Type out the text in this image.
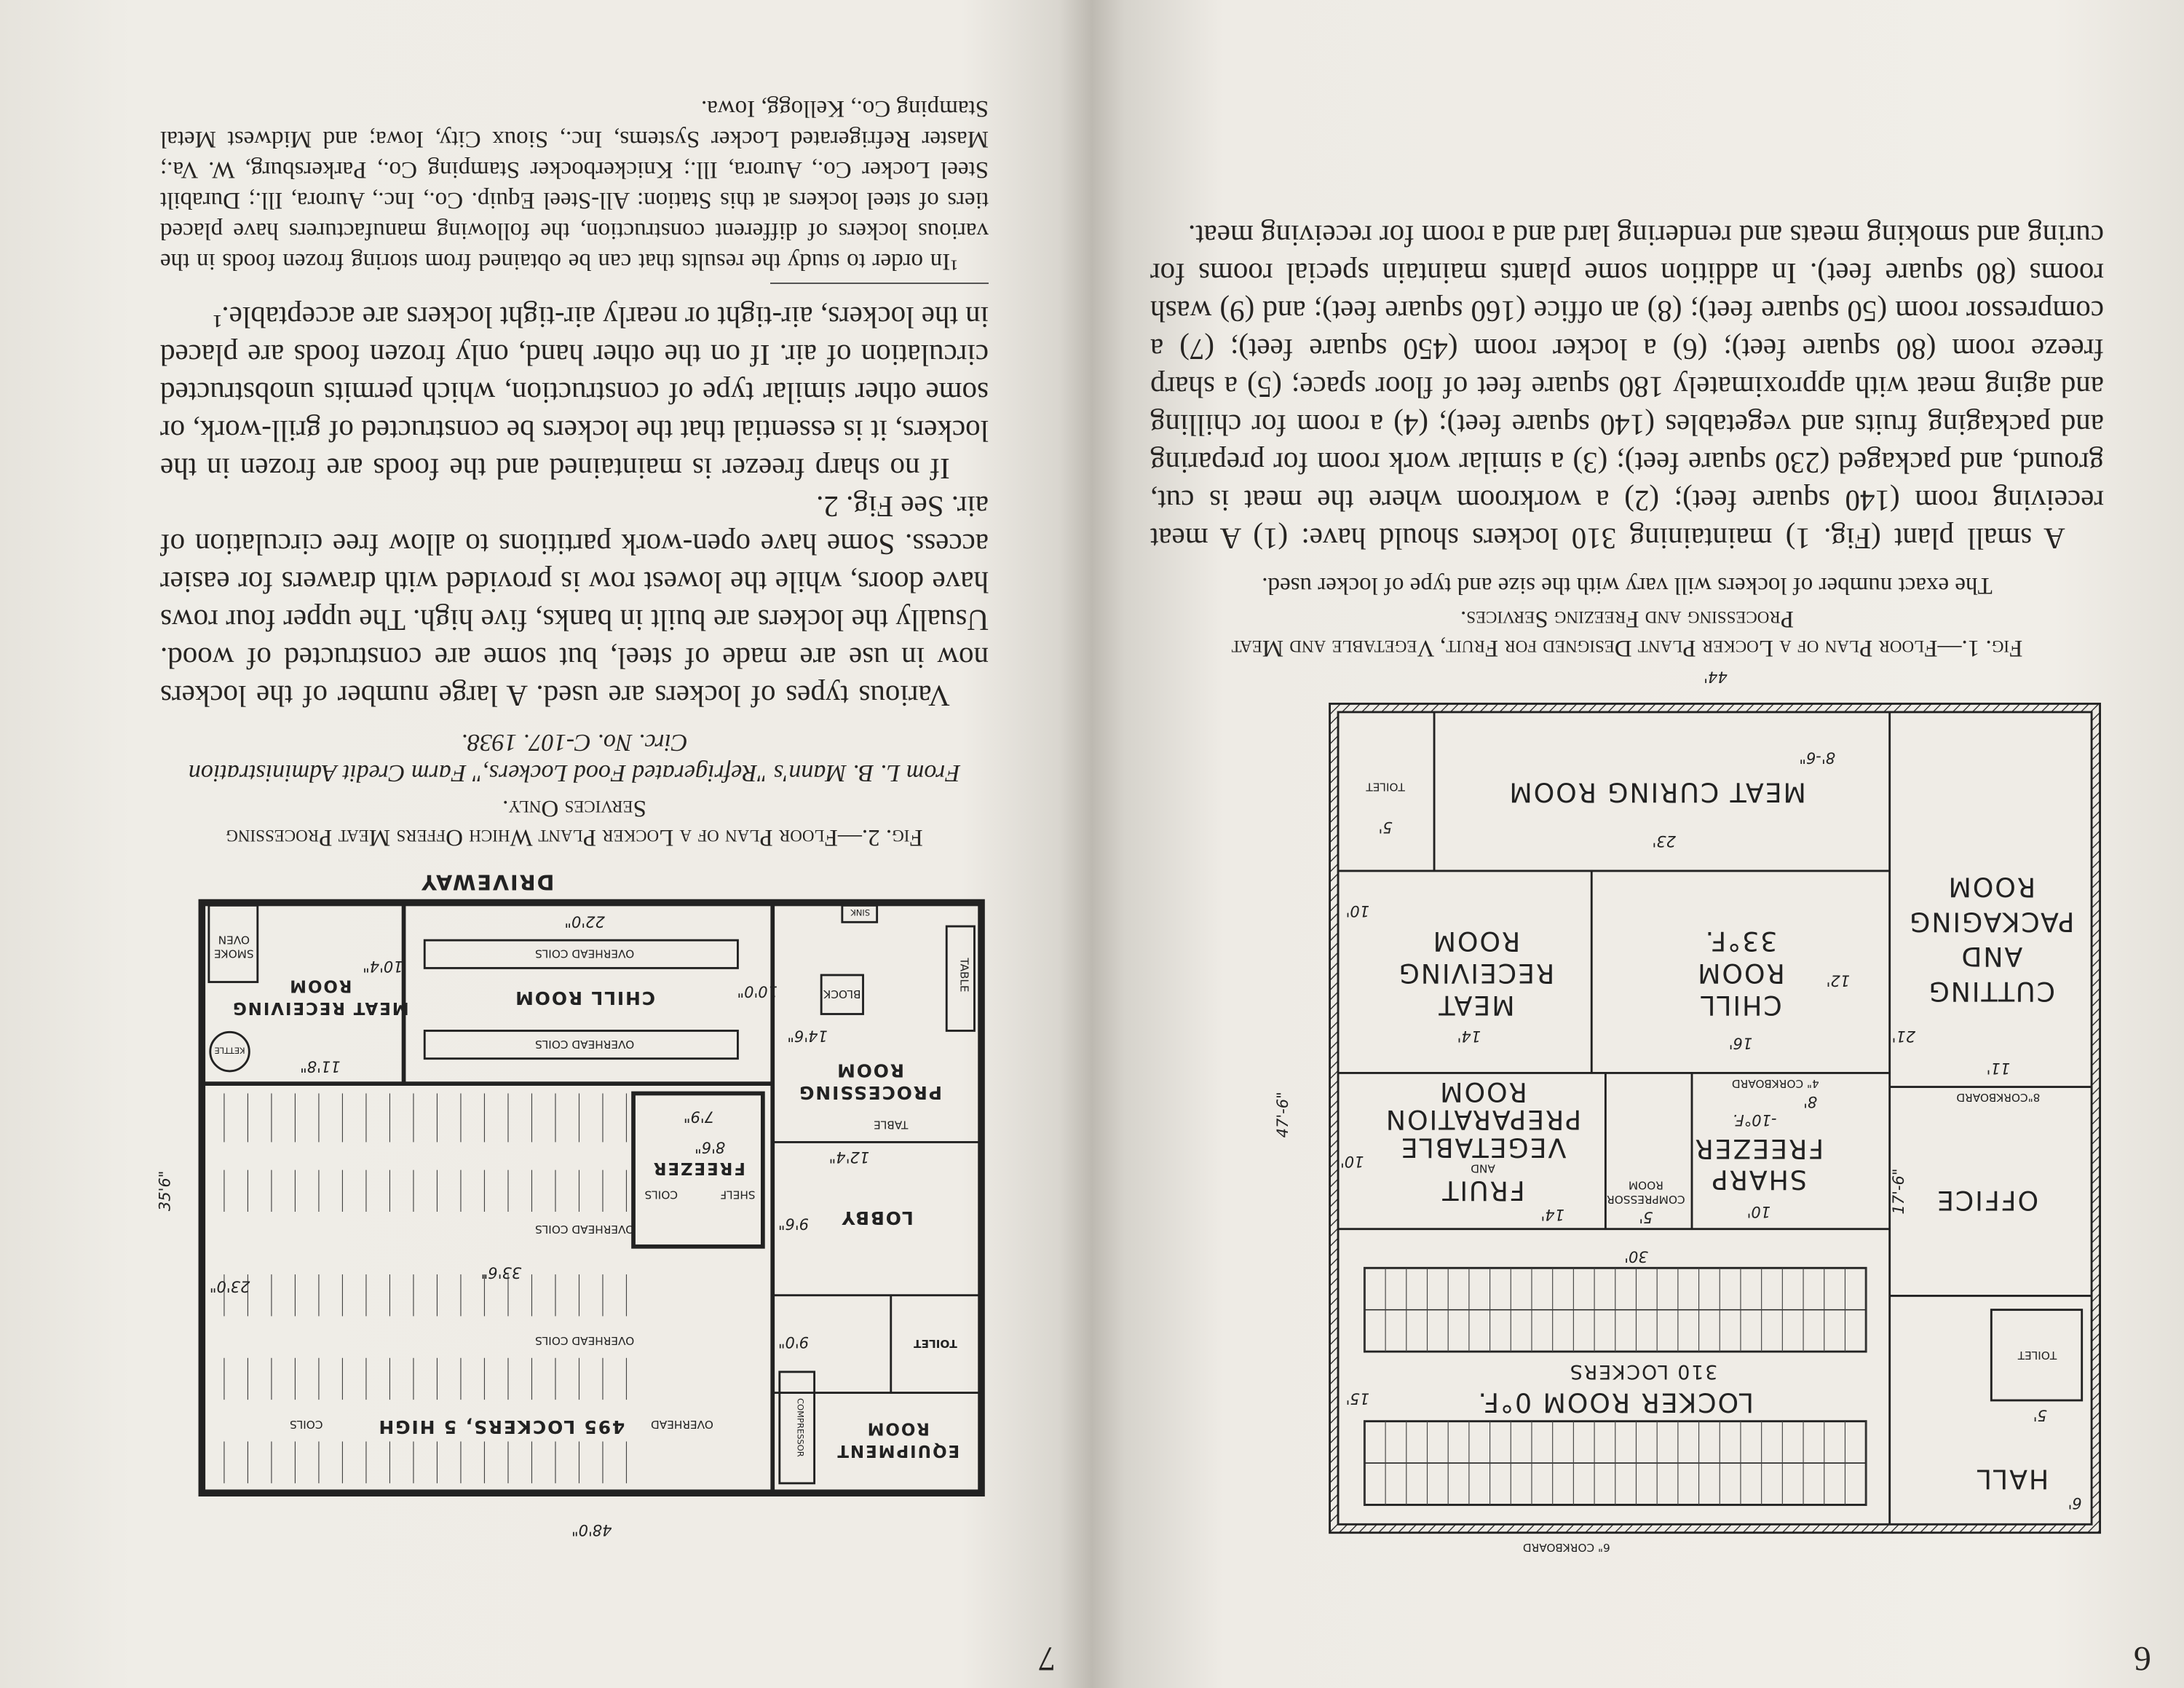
6
Fig. 1.—Floor Plan of a Locker Plant Designed for Fruit, Vegetable and Meat Processing and Freezing Services.
The exact number of lockers will vary with the size and type of locker used.

A small plant (Fig. 1) maintaining 310 lockers should have: (1) A meat receiving room (140 square feet); (2) a workroom where the meat is cut, ground, and packaged (230 square feet); (3) a similar work room for preparing and packaging fruits and vegetables (140 square feet); (4) a room for chilling and aging meat with approximately 180 square feet of floor space; (5) a sharp freeze room (80 square feet); (6) a locker room (450 square feet); (7) a compressor room (50 square feet); (8) an office (160 square feet); and (9) wash rooms (80 square feet). In addition some plants maintain special rooms for curing and smoking meats and rendering lard and a room for receiving meat.

MEAT CURING ROOM
TOILET
CUTTING
AND
PACKAGING
ROOM
CHILL
ROOM
33°F.
MEAT
RECEIVING
ROOM
FRUIT
AND
VEGETABLE
PREPARATION
ROOM
COMPRESSOR
ROOM	SHARP
FREEZER
-10°F.
OFFICE
310 LOCKERS
LOCKER ROOM 0°F.
HALL
TOILET
4" CORKBOARD
8"CORKBOARD
6" CORKBOARD
44'
47'-6"
23'
8'-6"
5'
12'
14'	16'
10'
10'
14'	5'	10'
8'
17'-6"
11'
30'
15'
6'
5'
21'
7
Fig. 2.—Floor Plan of a Locker Plant Which Offers Meat Processing Services Only.
From L. B. Mann's "Refrigerated Food Lockers," Farm Credit Administration Circ. No. C-107. 1938.

Various types of lockers are used. A large number of the lockers now in use are made of steel, but some are constructed of wood. Usually the lockers are built in banks, five high. The upper four rows have doors, while the lowest row is provided with drawers for easier access. Some have open-work partitions to allow free circulation of air. See Fig. 2.

If no sharp freezer is maintained and the foods are frozen in the lockers, it is essential that the lockers be constructed of grill-work, or some other similar type of construction, which permits unobstructed circulation of air. If on the other hand, only frozen foods are placed in the lockers, air-tight or nearly air-tight lockers are acceptable.¹

¹In order to study the results that can be obtained from storing frozen foods in the various lockers of different construction, the following manufacturers have placed tiers of steel lockers at this Station: All-Steel Equip. Co., Inc., Aurora, Ill.; Durabilt Steel Locker Co., Aurora, Ill.; Knickerbocker Stamping Co., Parkersburg, W. Va.; Master Refrigerated Locker Systems, Inc., Sioux City, Iowa; and Midwest Metal Stamping Co., Kellogg, Iowa.

DRIVEWAY
SMOKE
OVEN
MEAT RECEIVING
ROOM
KETTLE
CHILL ROOM
OVERHEAD COILS
OVERHEAD COILS
OVERHEAD COILS
OVERHEAD COILS
PROCESSING
ROOM
BLOCK
TABLE
TABLE
SINK
FREEZER
SHELF
COILS
LOBBY
TOILET
EQUIPMENT
ROOM
COMPRESSOR
495 LOCKERS, 5 HIGH	OVERHEAD
COILS
48'0"
35'6"
22'0"
10'4"
11'8"
14'6"
33'6"
23'0"
12'4"
9'6"
7'9"
8'6"
9'0"
10'0"
